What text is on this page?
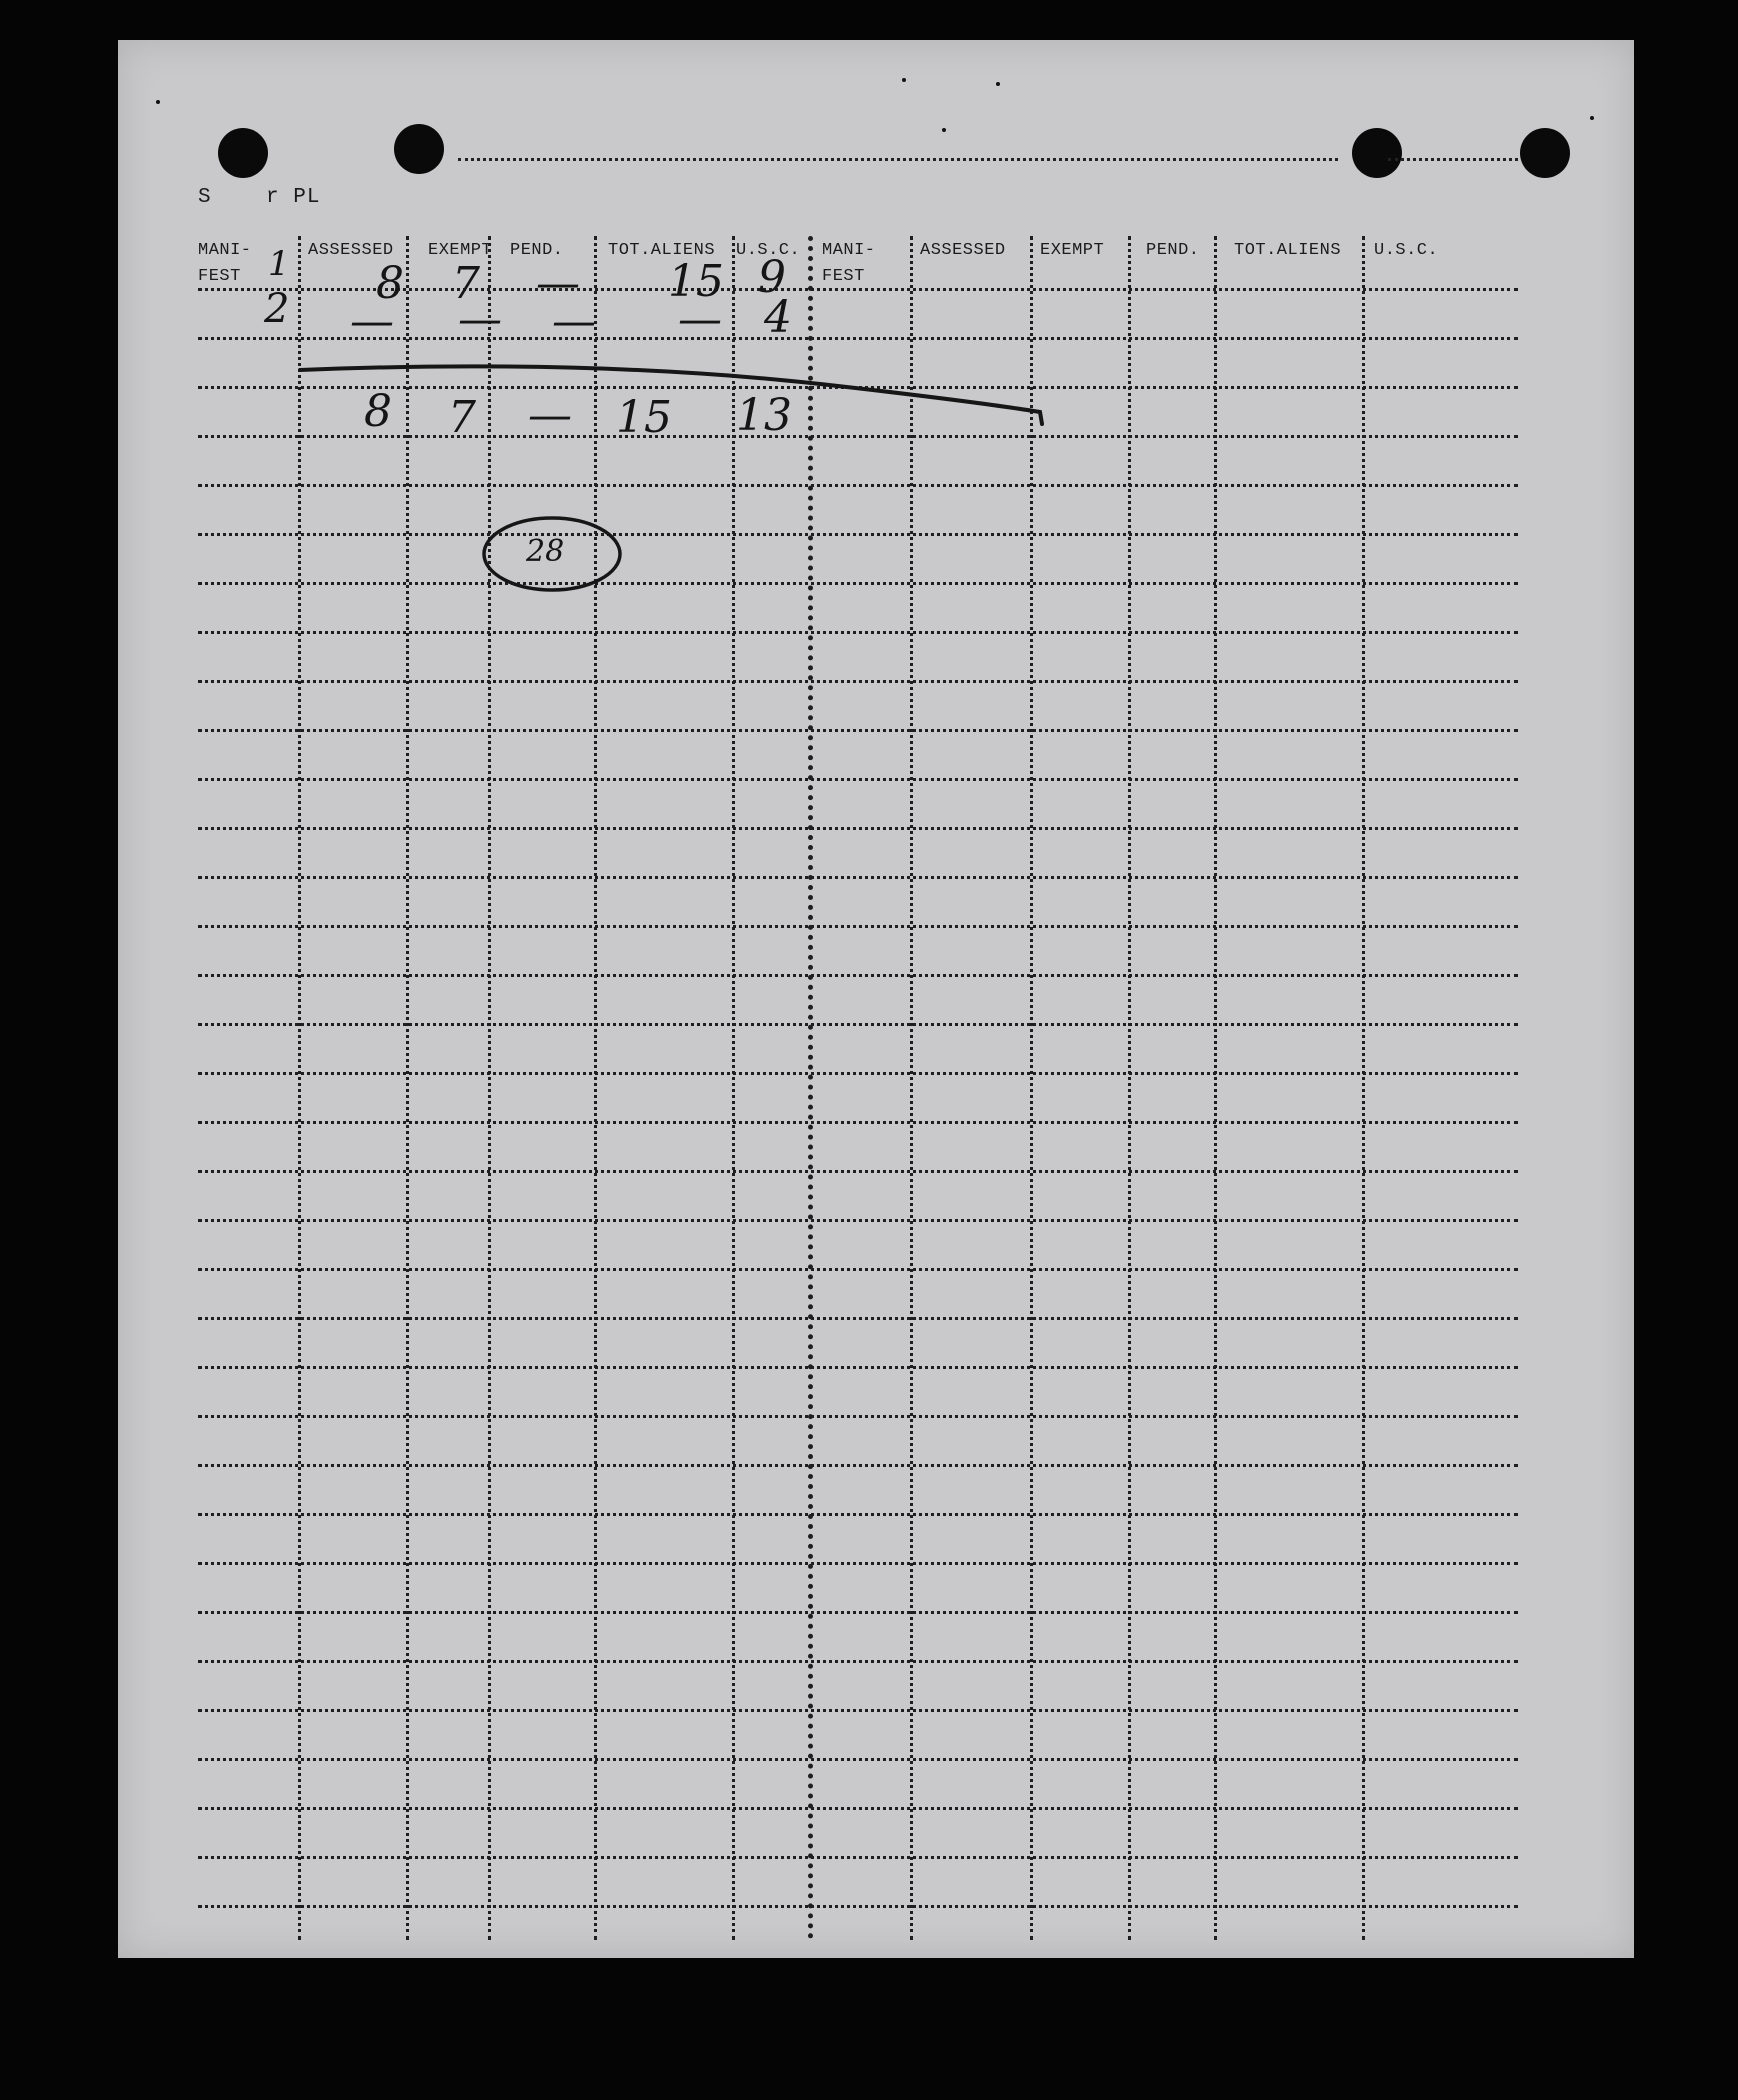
S    r PL
MANI-
FEST
ASSESSED EXEMPT PEND.	TOT.ALIENS U.S.C. MANI-
FEST
ASSESSED EXEMPT PEND. TOT.ALIENS U.S.C.
1 8 7 — 15 9
2 — — — — 4
8 7 — 15 13
28
